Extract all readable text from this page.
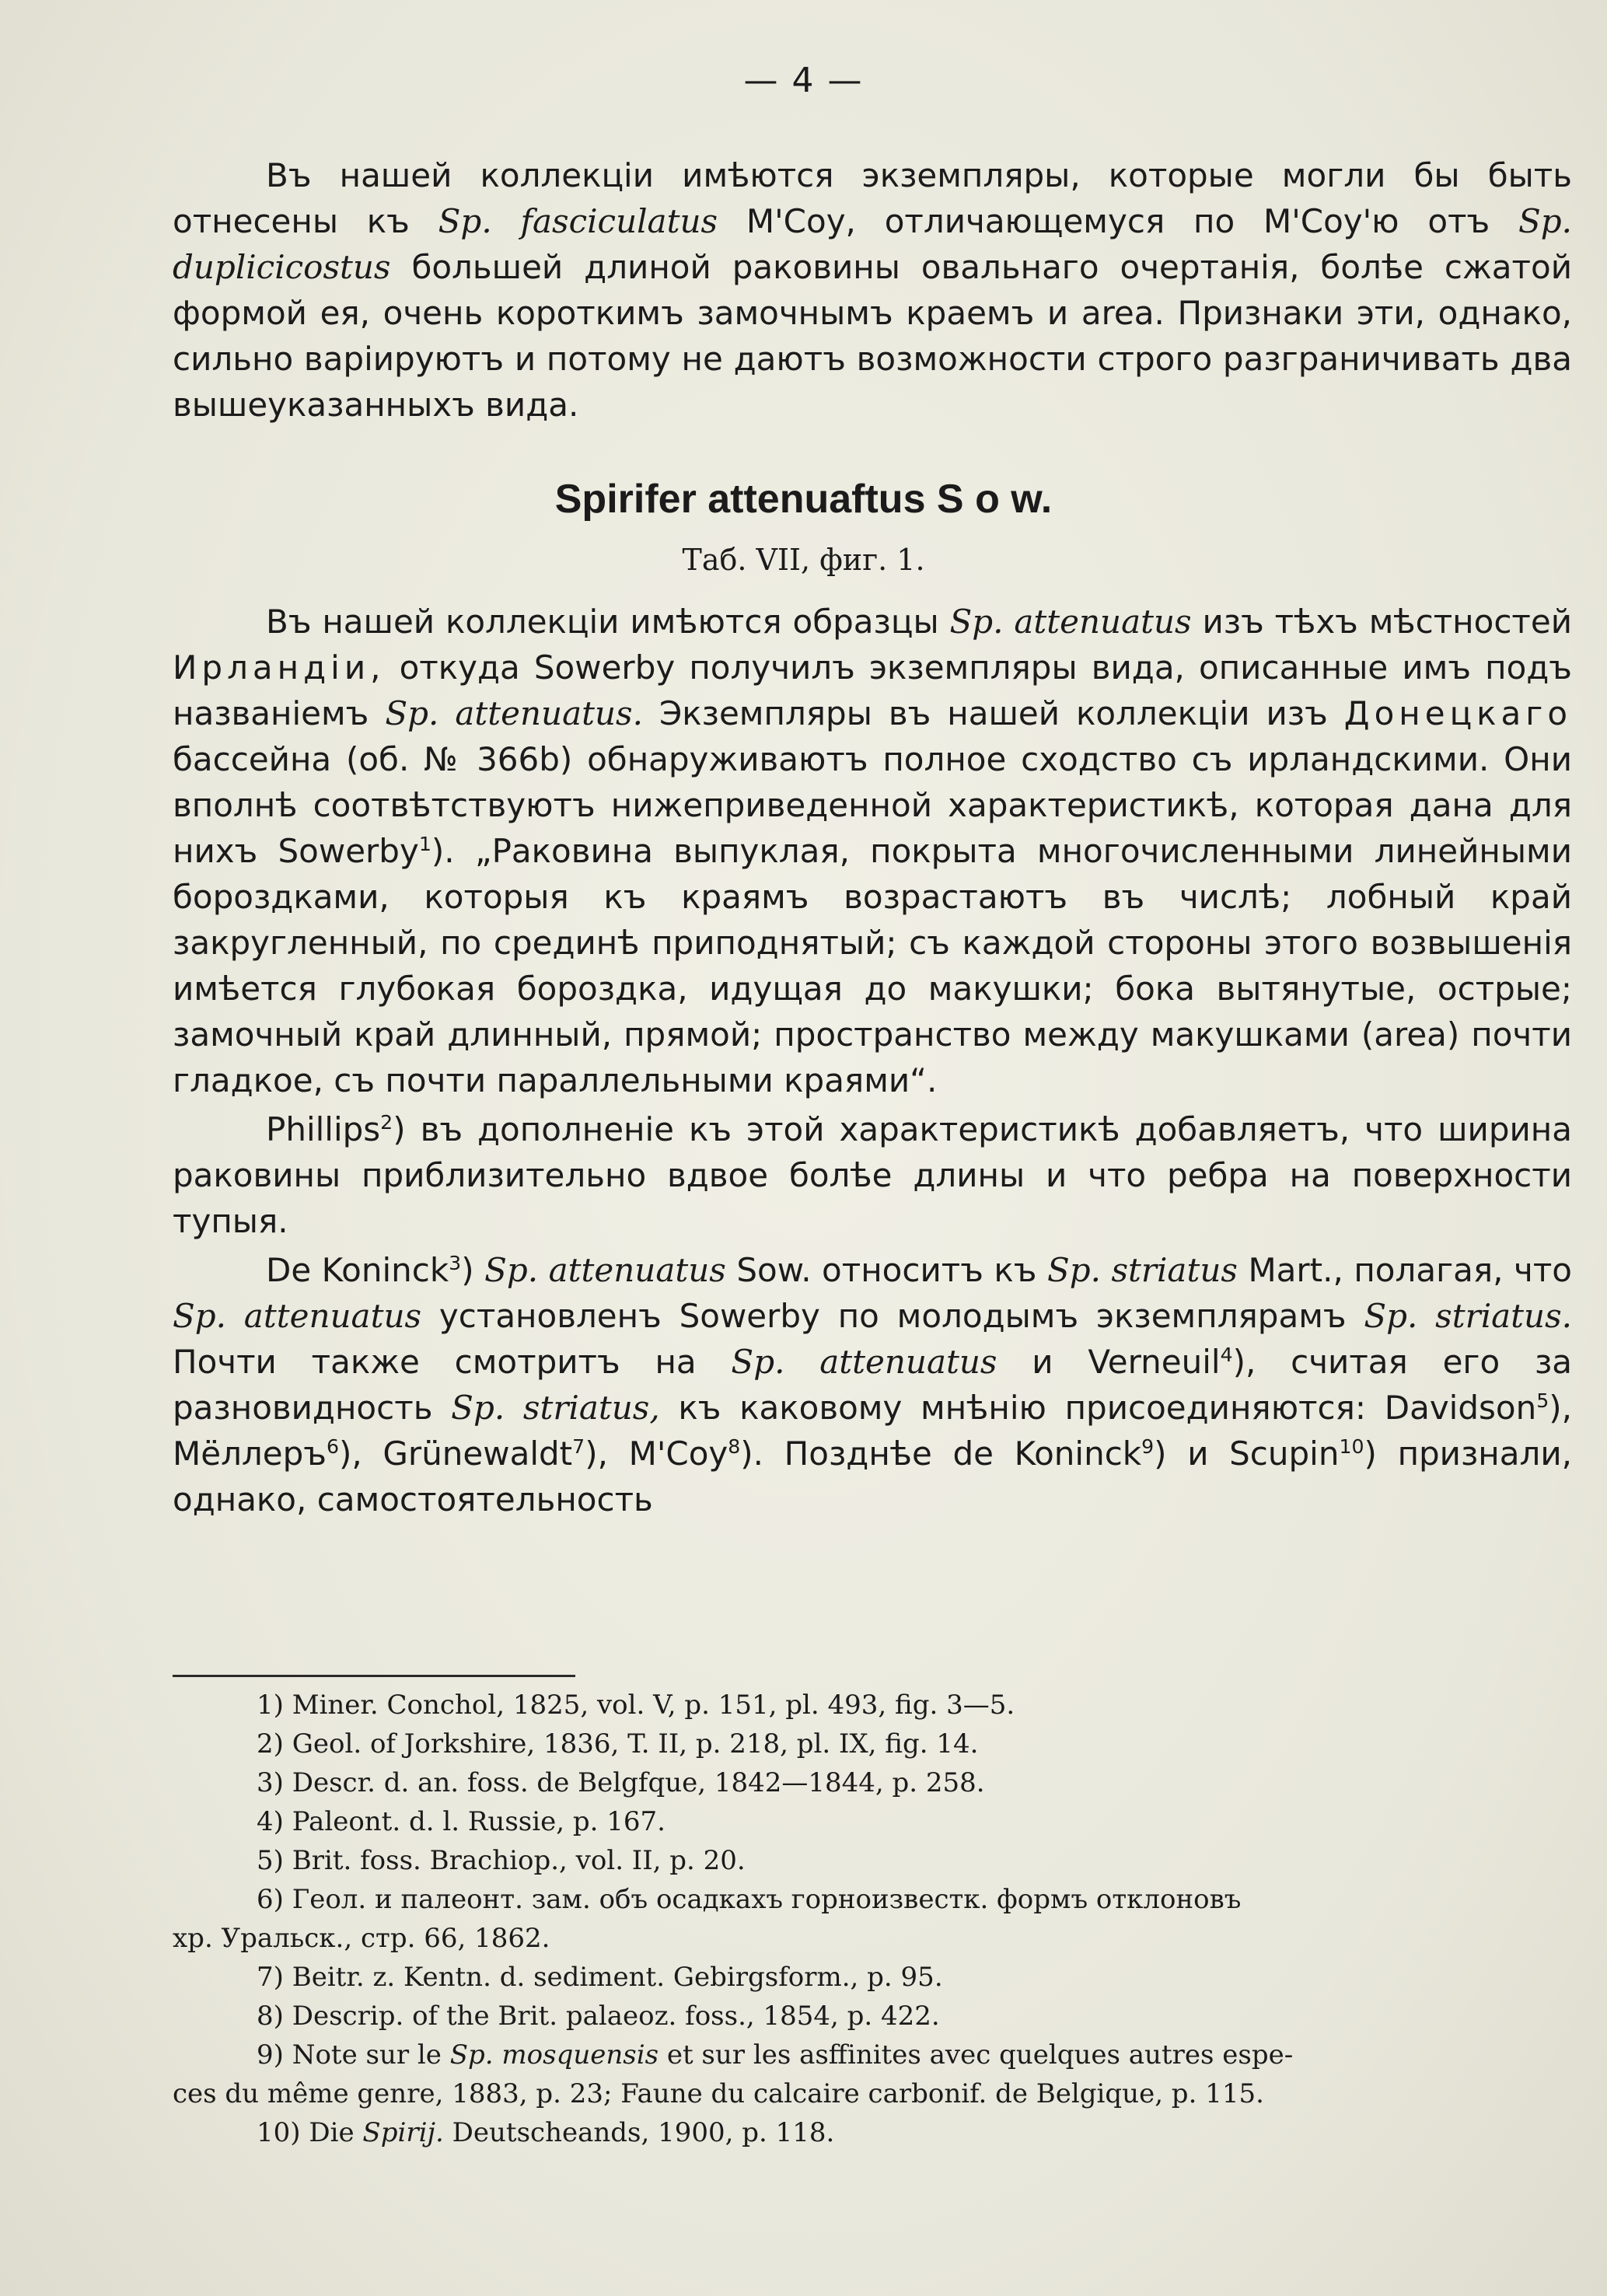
— 4 —

Въ нашей коллекціи имѣются экземпляры, которые могли бы быть отнесены къ Sp. fasciculatus M'Coy, отличающемуся по M'Coy'ю отъ Sp. duplicicostus большей длиной раковины овальнаго очертанія, болѣе сжатой формой ея, очень короткимъ замочнымъ краемъ и area. Признаки эти, однако, сильно варіируютъ и потому не даютъ возможности строго разграничивать два вышеуказанныхъ вида.

Spirifer attenuaftus S o w.
Таб. VII, фиг. 1.

Въ нашей коллекціи имѣются образцы Sp. attenuatus изъ тѣхъ мѣстностей Ирландіи, откуда Sowerby получилъ экземпляры вида, описанные имъ подъ названіемъ Sp. attenuatus. Экземпляры въ нашей коллекціи изъ Донецкаго бассейна (об. № 366b) обнаруживаютъ полное сходство съ ирландскими. Они вполнѣ соотвѣтствуютъ нижеприведенной характеристикѣ, которая дана для нихъ Sowerby$^1$). „Раковина выпуклая, покрыта многочисленными линейными бороздками, которыя къ краямъ возрастаютъ въ числѣ; лобный край закругленный, по срединѣ приподнятый; съ каждой стороны этого возвышенія имѣется глубокая бороздка, идущая до макушки; бока вытянутые, острые; замочный край длинный, прямой; пространство между макушками (area) почти гладкое, съ почти параллельными краями“.

Phillips$^2$) въ дополненіе къ этой характеристикѣ добавляетъ, что ширина раковины приблизительно вдвое болѣе длины и что ребра на поверхности тупыя.

De Koninck$^3$) Sp. attenuatus Sow. относитъ къ Sp. striatus Mart., полагая, что Sp. attenuatus установленъ Sowerby по молодымъ экземплярамъ Sp. striatus. Почти также смотритъ на Sp. attenuatus и Verneuil$^4$), считая его за разновидность Sp. striatus, къ каковому мнѣнію присоединяются: Davidson$^5$), Мёллеръ$^6$), Grünewaldt$^7$), M'Coy$^8$). Позднѣе de Koninck$^9$) и Scupin$^{10}$) признали, однако, самостоятельность

1) Miner. Conchol, 1825, vol. V, p. 151, pl. 493, fig. 3—5.
2) Geol. of Jorkshire, 1836, T. II, p. 218, pl. IX, fig. 14.
3) Descr. d. an. foss. de Belgfque, 1842—1844, p. 258.
4) Paleont. d. l. Russie, p. 167.
5) Brit. foss. Brachiop., vol. II, p. 20.
6) Геол. и палеонт. зам. объ осадкахъ горноизвестк. формъ отклоновъ
хр. Уральск., стр. 66, 1862.
7) Beitr. z. Kentn. d. sediment. Gebirgsform., p. 95.
8) Descrip. of the Brit. palaeoz. foss., 1854, p. 422.
9) Note sur le Sp. mosquensis et sur les asffinites avec quelques autres espe-
ces du même genre, 1883, p. 23; Faune du calcaire carbonif. de Belgique, p. 115.
10) Die Spirij. Deutscheands, 1900, p. 118.
